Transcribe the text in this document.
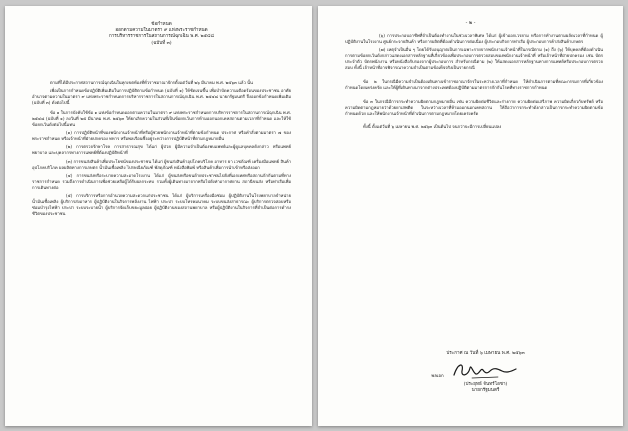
ข้อกำหนด
ออกตามความในมาตรา ๙ แห่งพระราชกำหนด
การบริหารราชการในสถานการณ์ฉุกเฉิน พ.ศ. ๒๕๔๘
(ฉบับที่ ๓)

ตามที่ได้มีประกาศสถานการณ์ฉุกเฉินในทุกเขตท้องที่ทั่วราชอาณาจักรตั้งแต่วันที่ ๒๖ มีนาคม พ.ศ. ๒๕๖๓ แล้ว นั้น

เพื่อเป็นการกำหนดข้อปฏิบัติเพิ่มเติมในการปฏิบัติตามข้อกำหนด (ฉบับที่ ๑) ให้ชัดเจนขึ้น เพื่อบำบัดความเดือดร้อนของประชาชน อาศัยอำนาจตามความในมาตรา ๙ แห่งพระราชกำหนดการบริหารราชการในสถานการณ์ฉุกเฉิน พ.ศ. ๒๕๔๘ นายกรัฐมนตรี จึงออกข้อกำหนดเพิ่มเติม (ฉบับที่ ๓) ดังต่อไปนี้

ข้อ ๑ ในการบังคับใช้ข้อ ๑ แห่งข้อกำหนดออกตามความในมาตรา ๙ แห่งพระราชกำหนดการบริหารราชการในสถานการณ์ฉุกเฉิน พ.ศ. ๒๕๔๘ (ฉบับที่ ๑) ลงวันที่ ๒๕ มีนาคม พ.ศ. ๒๕๖๓ ให้ยกเลิกความในส่วนที่เป็นข้อยกเว้นการห้ามออกนอกเคหสถานตามเวลาที่กำหนด และให้ใช้ข้อยกเว้นดังต่อไปนี้แทน

(๑) การปฏิบัติหน้าที่ของพนักงานเจ้าหน้าที่หรือผู้ช่วยพนักงานเจ้าหน้าที่ตามข้อกำหนด ประกาศ หรือคำสั่งตามมาตรา ๗ ของพระราชกำหนด หรือเจ้าหน้าที่ฝ่ายปกครอง ทหาร หรือพลเรือนซึ่งอยู่ระหว่างการปฏิบัติหน้าที่ตามกฎหมายอื่น

(๒) การตรวจรักษาโรค การสาธารณสุข ได้แก่ ผู้ป่วย ผู้มีความจำเป็นต้องพบแพทย์และผู้ดูแลบุคคลดังกล่าว หรือแพทย์ พยาบาล และบุคลากรทางการแพทย์ที่ต้องปฏิบัติหน้าที่

(๓) การขนส่งสินค้าเพื่อประโยชน์ของประชาชน ได้แก่ ผู้ขนส่งสินค้าอุปโภคบริโภค อาหาร ยา เวชภัณฑ์ เครื่องมือแพทย์ สินค้าอุปโภคบริโภค ผลผลิตทางการเกษตร น้ำมันเชื้อเพลิง ไปรษณียภัณฑ์ พัสดุภัณฑ์ หนังสือพิมพ์ หรือสินค้าเพื่อการนำเข้าหรือส่งออก

(๔) การขนส่งหรือระบายความสะอาดโรงงาน ได้แก่ ผู้ขนส่งหรือขนย้ายประชาชนไปยังที่เอกเทศหรือสถานกักกันตามที่ทางราชการกำหนด รวมถึงการดำเนินการเพื่อช่วยเหลือผู้ได้รับผลกระทบ รวมทั้งผู้เดินทางมาจากหรือไปยังท่าอากาศยาน สถานีขนส่ง หรือท่าเรือเพื่อการเดินทางต่อ

(๕) การบริการหรือการอำนวยความสะดวกแก่ประชาชน ได้แก่ ผู้บริการเครื่องมือซ่อม ผู้ปฏิบัติงานในโรงพยาบาลจำหน่ายน้ำมันเชื้อเพลิง ผู้บริการส่งอาหาร ผู้ปฏิบัติงานในกิจการพลังงาน ไฟฟ้า ประปา ระบบโทรคมนาคม ระบบขนส่งสาธารณะ ผู้บริการตรวจสอบหรือซ่อมบำรุงไฟฟ้า ประปา ระบบระบายน้ำ ผู้บริการจัดเก็บขยะมูลฝอย ผู้ปฏิบัติงานของสถานพยาบาล หรือผู้ปฏิบัติงานในกิจการที่จำเป็นต่อการดำรงชีวิตของประชาชน

- ๒ -

(๖) การประกอบอาชีพที่จำเป็นต้องทำงานในช่วงเวลาพิเศษ ได้แก่ ผู้เข้าออกเวรยาม หรือการทำงานตามผลัดเวลาที่กำหนด ผู้ปฏิบัติงานในโรงงาน ศูนย์กระจายสินค้า หรือการผลิตที่ต้องดำเนินการต่อเนื่อง ผู้ประกอบกิจการท่าเรือ ผู้ประกอบการค้าส่งสินค้าเกษตร

(๗) เหตุจำเป็นอื่น ๆ โดยได้รับอนุญาตเป็นการเฉพาะรายจากพนักงานเจ้าหน้าที่ในกรณีตาม (๑) ถึง (๖) ให้บุคคลที่ต้องดำเนินการตามข้อยกเว้นดังกล่าวแสดงเอกสารหลักฐานที่เกี่ยวข้องเพื่อประกอบการตรวจสอบของพนักงานเจ้าหน้าที่ หรือเจ้าหน้าที่ฝ่ายปกครอง เช่น บัตรประจำตัว บัตรพนักงาน หรือหนังสือรับรองจากผู้ประกอบการ สำหรับกรณีตาม (๒) ให้แสดงเอกสารหลักฐานทางการแพทย์หรือประกอบการตรวจสอบ ทั้งนี้ เจ้าหน้าที่อาจพิจารณาความจำเป็นตามข้อเท็จจริงเป็นรายกรณี

ข้อ ๒ ในกรณีมีความจำเป็นต้องเดินทางเข้าราชอาณาจักรในระหว่างเวลาที่กำหนด ให้ดำเนินการตามที่คณะกรรมการที่เกี่ยวข้องกำหนดโดยเคร่งครัด และให้ผู้ที่เดินทางมาจากต่างประเทศต้องปฏิบัติตามมาตรการกักกันโรคที่ทางราชการกำหนด

ข้อ ๓ ในกรณีมีการกระทำความผิดตามกฎหมายอื่น เช่น ความผิดต่อชีวิตและร่างกาย ความผิดต่อเสรีภาพ ความผิดเกี่ยวกับทรัพย์ หรือความผิดตามกฎหมายว่าด้วยยาเสพติด ในระหว่างเวลาที่ห้ามออกนอกเคหสถาน ให้ถือว่าการกระทำดังกล่าวเป็นการกระทำความผิดตามข้อกำหนดด้วย และให้พนักงานเจ้าหน้าที่ดำเนินการตามกฎหมายโดยเคร่งครัด

ทั้งนี้ ตั้งแต่วันที่ ๖ เมษายน พ.ศ. ๒๕๖๓ เป็นต้นไป จนกว่าจะมีการเปลี่ยนแปลง

ประกาศ ณ วันที่ ๖ เมษายน พ.ศ. ๒๕๖๓
พลเอก
(ประยุทธ์ จันทร์โอชา)
นายกรัฐมนตรี
